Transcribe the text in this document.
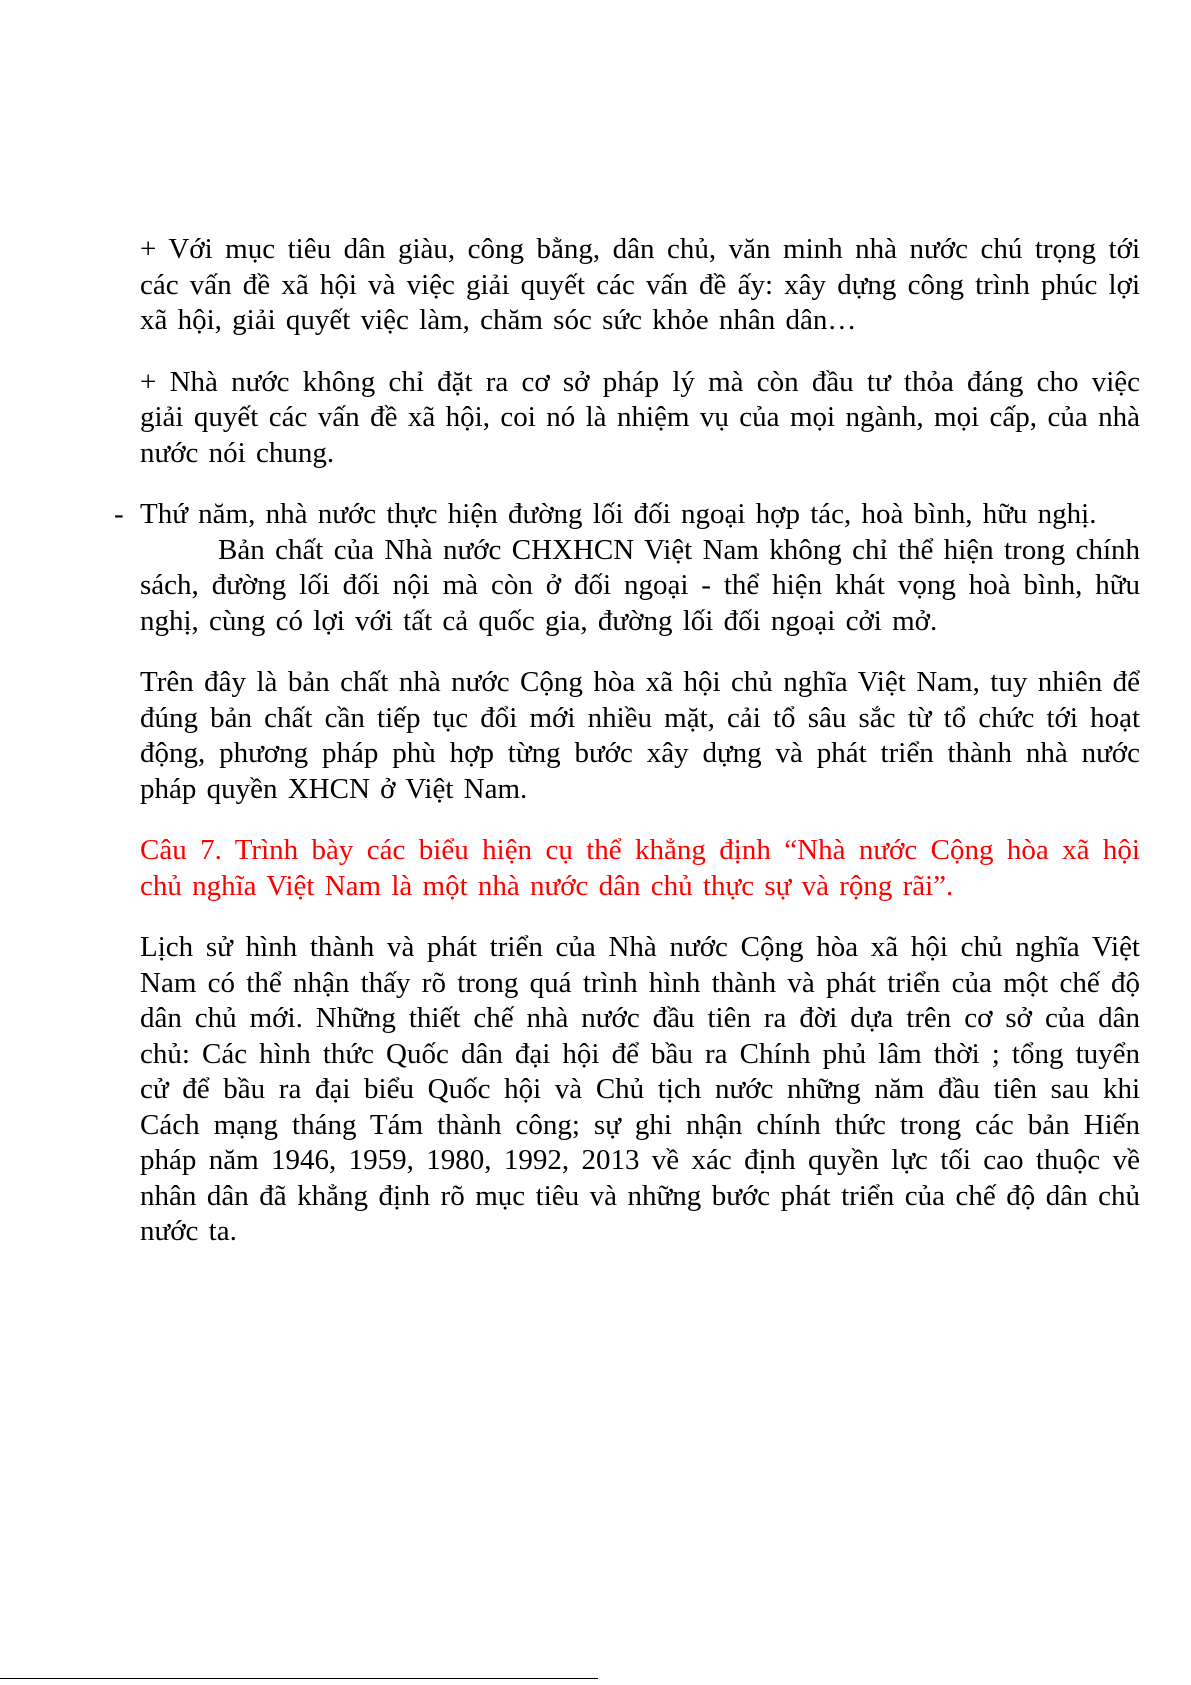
+ Với mục tiêu dân giàu, công bằng, dân chủ, văn minh nhà nước chú trọng tới các vấn đề xã hội và việc giải quyết các vấn đề ấy: xây dựng công trình phúc lợi xã hội, giải quyết việc làm, chăm sóc sức khỏe nhân dân…

+ Nhà nước không chỉ đặt ra cơ sở pháp lý mà còn đầu tư thỏa đáng cho việc giải quyết các vấn đề xã hội, coi nó là nhiệm vụ của mọi ngành, mọi cấp, của nhà nước nói chung.

- Thứ năm, nhà nước thực hiện đường lối đối ngoại hợp tác, hoà bình, hữu nghị.

Bản chất của Nhà nước CHXHCN Việt Nam không chỉ thể hiện trong chính sách, đường lối đối nội mà còn ở đối ngoại - thể hiện khát vọng hoà bình, hữu nghị, cùng có lợi với tất cả quốc gia, đường lối đối ngoại cởi mở.

Trên đây là bản chất nhà nước Cộng hòa xã hội chủ nghĩa Việt Nam, tuy nhiên để đúng bản chất cần tiếp tục đổi mới nhiều mặt, cải tổ sâu sắc từ tổ chức tới hoạt động, phương pháp phù hợp từng bước xây dựng và phát triển thành nhà nước pháp quyền XHCN ở Việt Nam.

Câu 7. Trình bày các biểu hiện cụ thể khẳng định “Nhà nước Cộng hòa xã hội chủ nghĩa Việt Nam là một nhà nước dân chủ thực sự và rộng rãi”.

Lịch sử hình thành và phát triển của Nhà nước Cộng hòa xã hội chủ nghĩa Việt Nam có thể nhận thấy rõ trong quá trình hình thành và phát triển của một chế độ dân chủ mới. Những thiết chế nhà nước đầu tiên ra đời dựa trên cơ sở của dân chủ: Các hình thức Quốc dân đại hội để bầu ra Chính phủ lâm thời ; tổng tuyển cử để bầu ra đại biểu Quốc hội và Chủ tịch nước những năm đầu tiên sau khi Cách mạng tháng Tám thành công; sự ghi nhận chính thức trong các bản Hiến pháp năm 1946, 1959, 1980, 1992, 2013 về xác định quyền lực tối cao thuộc về nhân dân đã khẳng định rõ mục tiêu và những bước phát triển của chế độ dân chủ nước ta.
